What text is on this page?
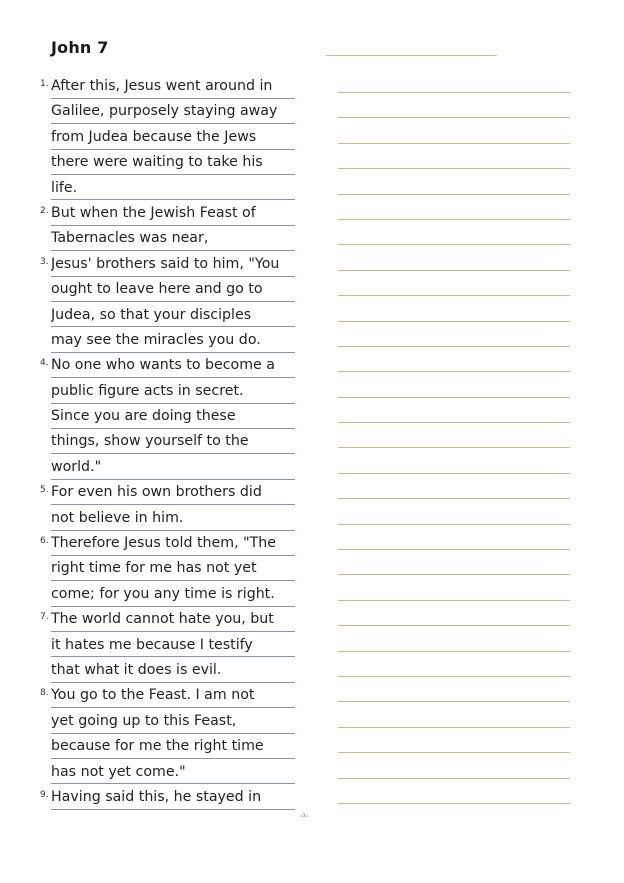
John 7
1. After this, Jesus went around in
Galilee, purposely staying away
from Judea because the Jews
there were waiting to take his
life.
2. But when the Jewish Feast of
Tabernacles was near,
3. Jesus' brothers said to him, "You
ought to leave here and go to
Judea, so that your disciples
may see the miracles you do.
4. No one who wants to become a
public figure acts in secret.
Since you are doing these
things, show yourself to the
world."
5. For even his own brothers did
not believe in him.
6. Therefore Jesus told them, "The
right time for me has not yet
come; for you any time is right.
7. The world cannot hate you, but
it hates me because I testify
that what it does is evil.
8. You go to the Feast. I am not
yet going up to this Feast,
because for me the right time
has not yet come."
9. Having said this, he stayed in
·¹·
